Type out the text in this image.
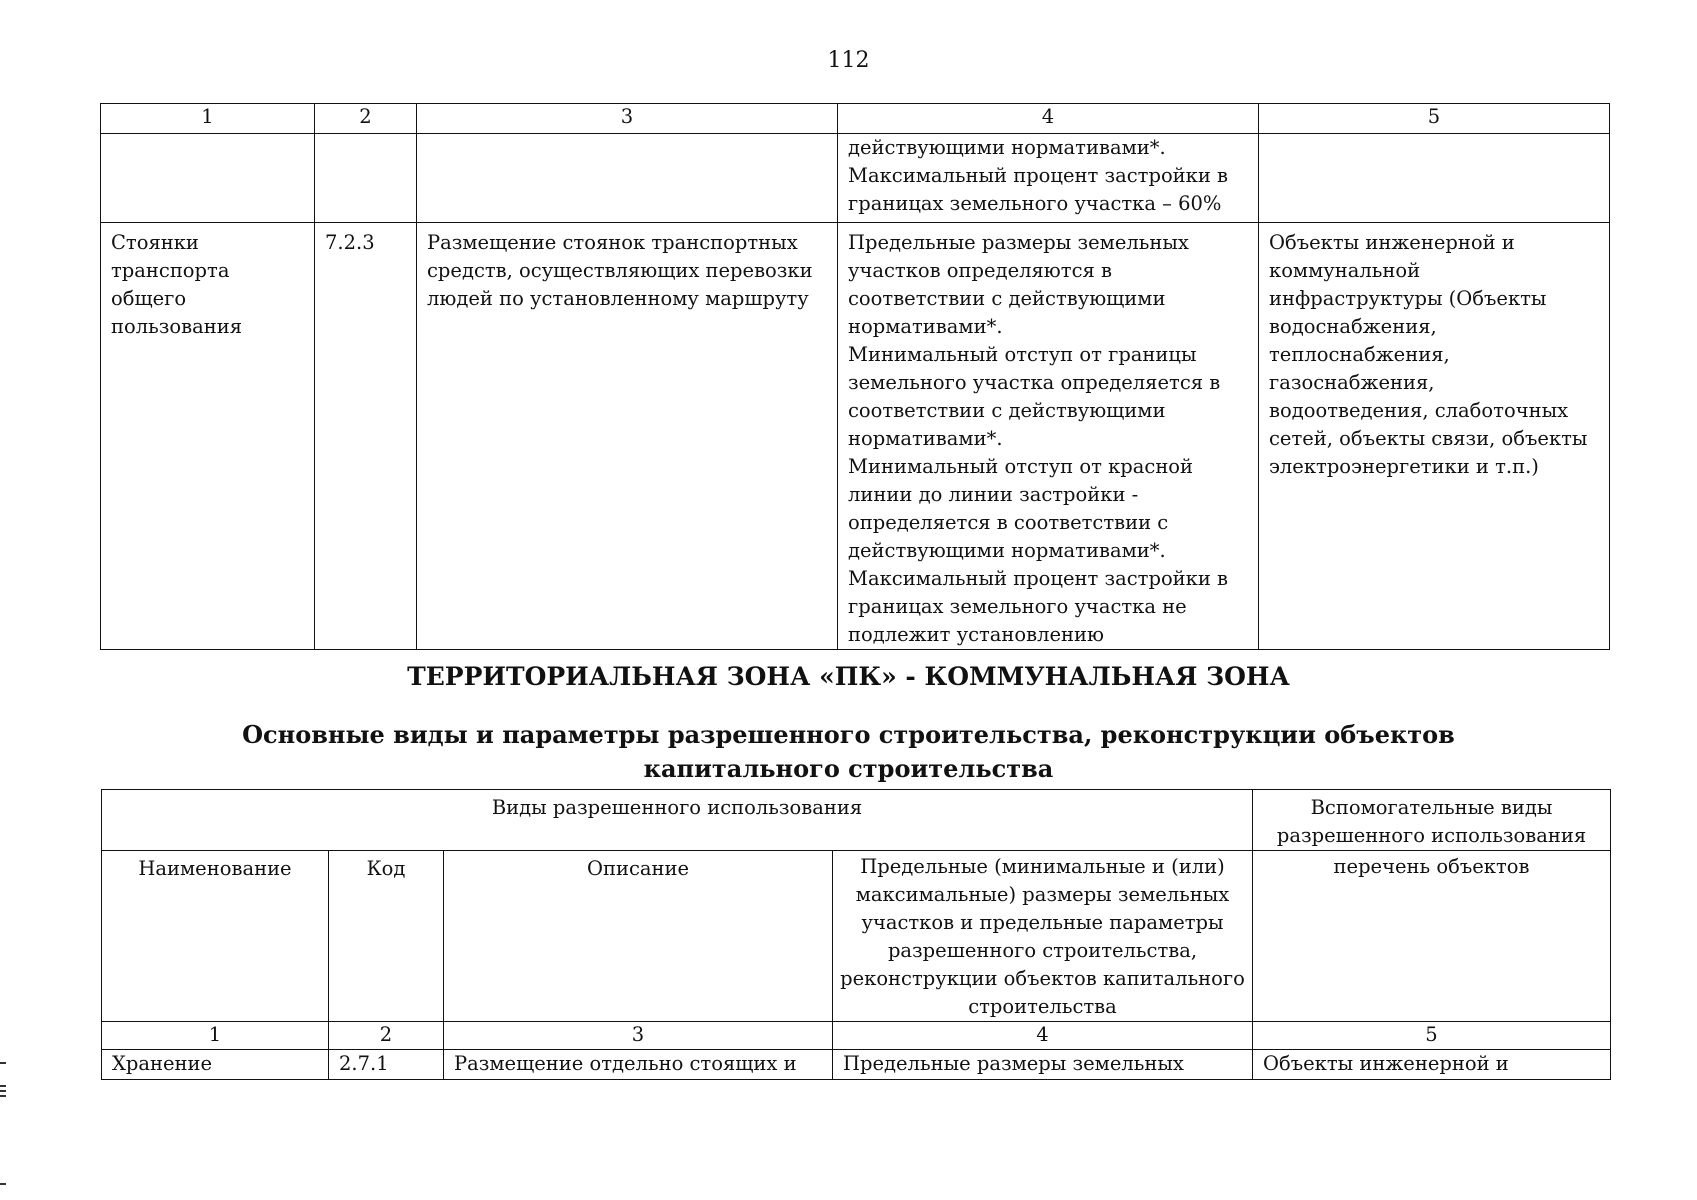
112
1	2	3	4	5
			действующими нормативами*.
Максимальный процент застройки в границах земельного участка – 60%	
Стоянки транспорта общего пользования	7.2.3	Размещение стоянок транспортных средств, осуществляющих перевозки людей по установленному маршруту	Предельные размеры земельных участков определяются в соответствии с действующими нормативами*.
Минимальный отступ от границы земельного участка определяется в соответствии с действующими нормативами*.
Минимальный отступ от красной линии до линии застройки - определяется в соответствии с действующими нормативами*.
Максимальный процент застройки в границах земельного участка не подлежит установлению	Объекты инженерной и коммунальной инфраструктуры (Объекты водоснабжения, теплоснабжения, газоснабжения, водоотведения, слаботочных сетей, объекты связи, объекты электроэнергетики и т.п.)
ТЕРРИТОРИАЛЬНАЯ ЗОНА «ПК» - КОММУНАЛЬНАЯ ЗОНА
Основные виды и параметры разрешенного строительства, реконструкции объектов капитального строительства
Виды разрешенного использования				Вспомогательные виды разрешенного использования
Наименование	Код	Описание	Предельные (минимальные и (или) максимальные) размеры земельных участков и предельные параметры разрешенного строительства, реконструкции объектов капитального строительства	перечень объектов
1	2	3	4	5
Хранение	2.7.1	Размещение отдельно стоящих и	Предельные размеры земельных	Объекты инженерной и
